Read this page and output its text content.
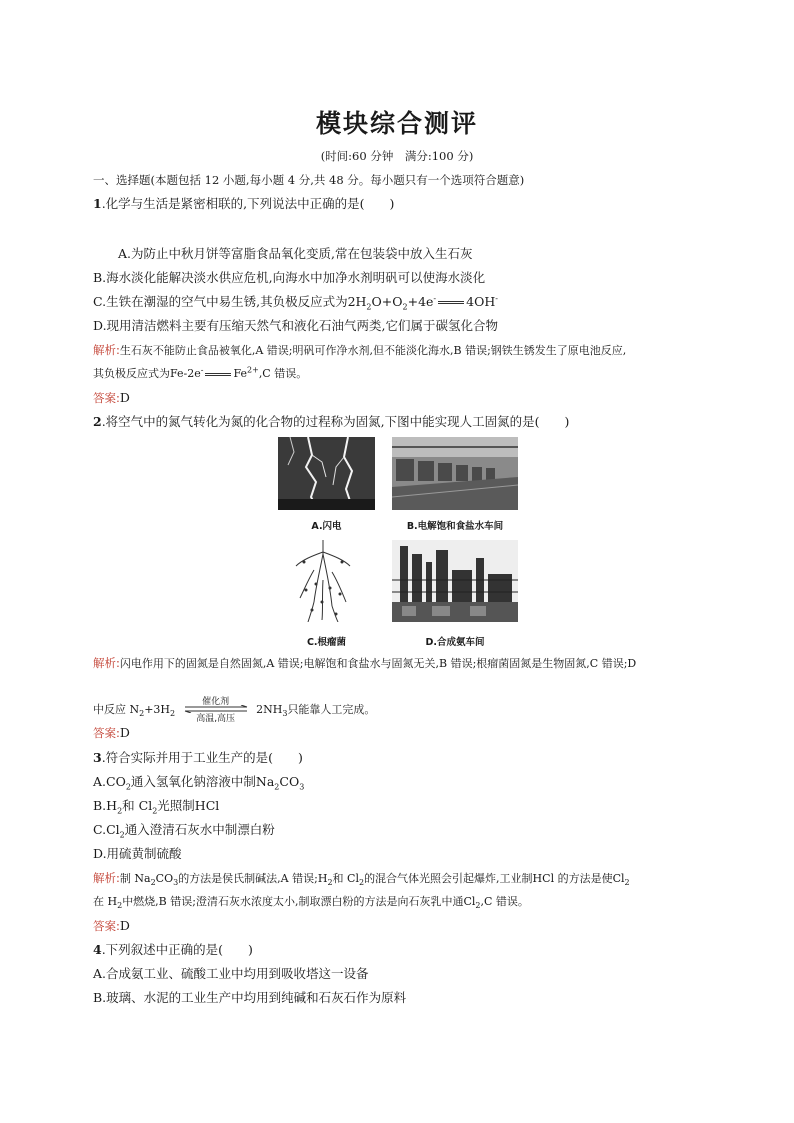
模块综合测评
(时间:60 分钟　满分:100 分)
一、选择题(本题包括 12 小题,每小题 4 分,共 48 分。每小题只有一个选项符合题意)
1.化学与生活是紧密相联的,下列说法中正确的是(　　)
A.为防止中秋月饼等富脂食品氧化变质,常在包装袋中放入生石灰
B.海水淡化能解决淡水供应危机,向海水中加净水剂明矾可以使海水淡化
C.生铁在潮湿的空气中易生锈,其负极反应式为$2H_2O+O_2+4e^-$ 4OH-
D.现用清洁燃料主要有压缩天然气和液化石油气两类,它们属于碳氢化合物
解析:生石灰不能防止食品被氧化,A 错误;明矾可作净水剂,但不能淡化海水,B 错误;钢铁生锈发生了原电池反应,
其负极反应式为Fe-2e-	$Fe^{2+},C$ 错误。
答案:D
2.将空气中的氮气转化为氮的化合物的过程称为固氮,下图中能实现人工固氮的是(　　)
A.闪电	B.电解饱和食盐水车间
C.根瘤菌	D.合成氨车间
解析:闪电作用下的固氮是自然固氮,A 错误;电解饱和食盐水与固氮无关,B 错误;根瘤菌固氮是生物固氮,C 错误;D
中反应 $N_2+3H_2$
催化剂
高温,高压
$2NH_3$只能靠人工完成。
答案:D
3.符合实际并用于工业生产的是(　　)
$A.CO_2$通入氢氧化钠溶液中制$Na_2CO_3$
$B.H_2$和 $Cl_2$光照制HCl
$C.Cl_2$通入澄清石灰水中制漂白粉
D.用硫黄制硫酸
解析:制 $Na_2CO_3$的方法是侯氏制碱法,A 错误$;H_2$和 $Cl_2$的混合气体光照会引起爆炸,工业制HCl 的方法是使$Cl_2$
在 $H_2$中燃烧,B 错误;澄清石灰水浓度太小,制取漂白粉的方法是向石灰乳中通$Cl_2,C$ 错误。
答案:D
4.下列叙述中正确的是(　　)
A.合成氨工业、硫酸工业中均用到吸收塔这一设备
B.玻璃、水泥的工业生产中均用到纯碱和石灰石作为原料
